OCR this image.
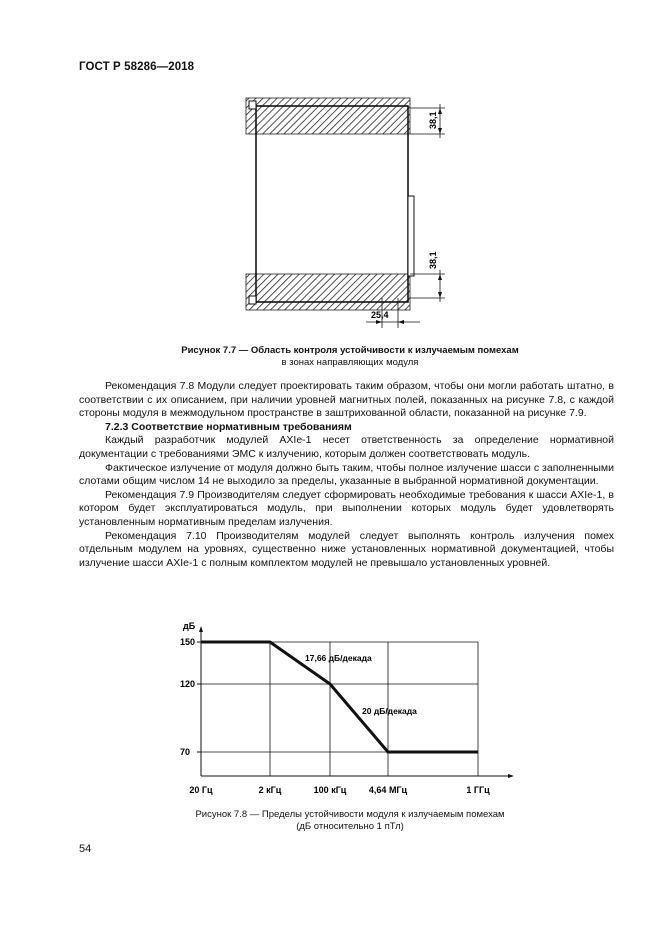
ГОСТ Р 58286—2018
38,1
38,1
25,4
Рисунок 7.7 — Область контроля устойчивости к излучаемым помехам
в зонах направляющих модуля

Рекомендация 7.8 Модули следует проектировать таким образом, чтобы они могли работать штатно, в соответствии с их описанием, при наличии уровней магнитных полей, показанных на рисунке 7.8, с каждой стороны модуля в межмодульном пространстве в заштрихованной области, показанной на рисунке 7.9.

7.2.3 Соответствие нормативным требованиям

Каждый разработчик модулей AXIe-1 несет ответственность за определение нормативной документации с требованиями ЭМС к излучению, которым должен соответствовать модуль.

Фактическое излучение от модуля должно быть таким, чтобы полное излучение шасси с заполненными слотами общим числом 14 не выходило за пределы, указанные в выбранной нормативной документации.

Рекомендация 7.9 Производителям следует сформировать необходимые требования к шасси AXIe-1, в котором будет эксплуатироваться модуль, при выполнении которых модуль будет удовлетворять установленным нормативным пределам излучения.

Рекомендация 7.10 Производителям модулей следует выполнять контроль излучения помех отдельным модулем на уровнях, существенно ниже установленных нормативной документацией, чтобы излучение шасси AXIe-1 с полным комплектом модулей не превышало установленных уровней.

дБ
150
120
70
20 Гц	2 кГц	100 кГц	4,64 МГц	1 ГГц
17,66 дБ/декада
20 дБ/декада
Рисунок 7.8 — Пределы устойчивости модуля к излучаемым помехам
(дБ относительно 1 пТл)
54
